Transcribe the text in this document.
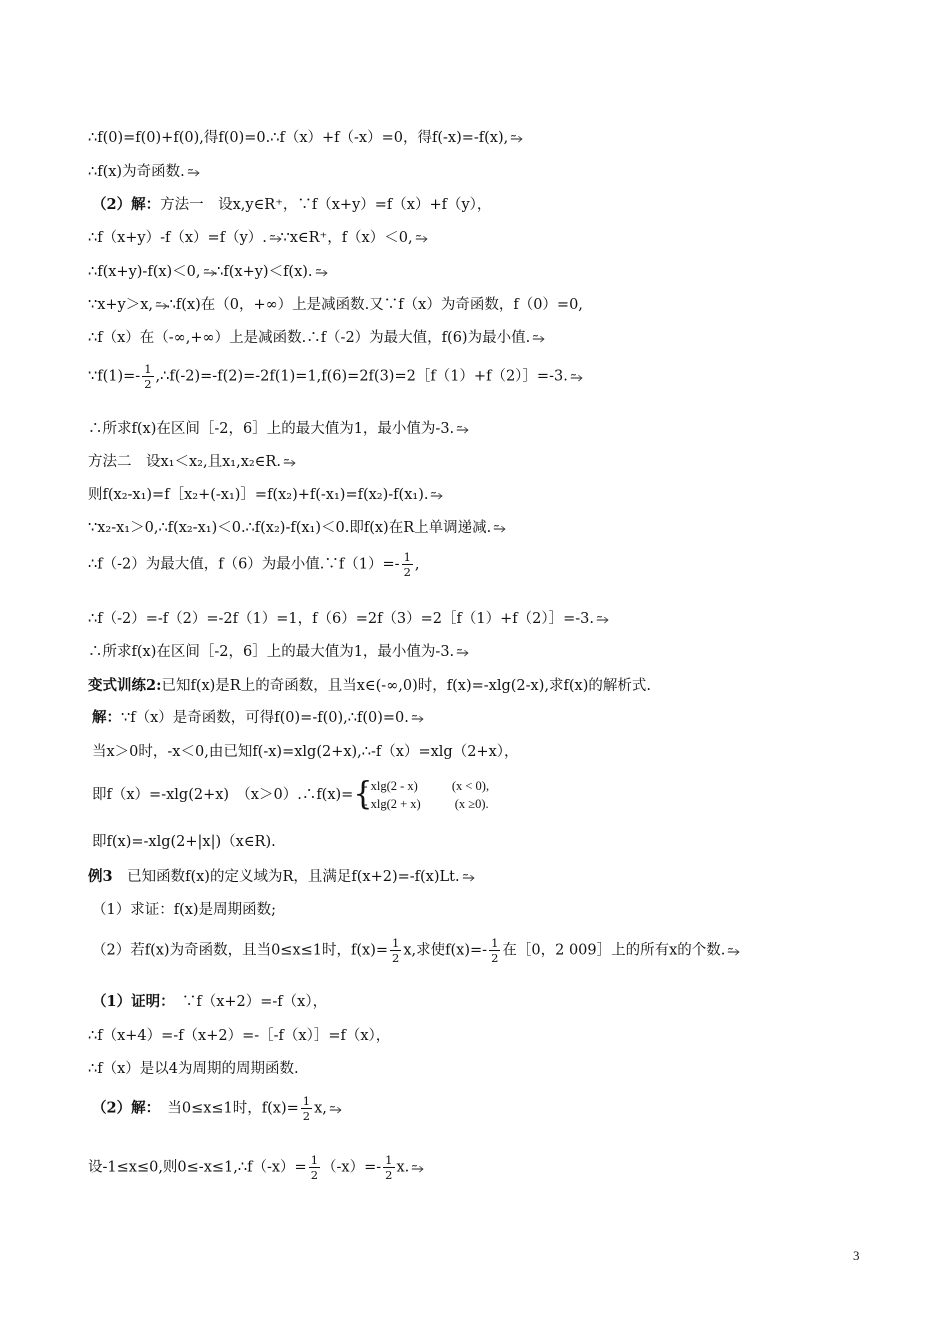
∴f(0)=f(0)+f(0),得f(0)=0.∴f（x）+f（-x）=0，得f(-x)=-f(x), ⥲
∴f(x)为奇函数. ⥲
（2）解：方法一　设x,y∈R⁺，∵f（x+y）=f（x）+f（y），
∴f（x+y）-f（x）=f（y）. ⥲∵x∈R⁺，f（x）＜0, ⥲
∴f(x+y)-f(x)＜0, ⥲∴f(x+y)＜f(x). ⥲
∵x+y＞x, ⥲∴f(x)在（0，+∞）上是减函数.又∵f（x）为奇函数，f（0）=0,
∴f（x）在（-∞,+∞）上是减函数.∴f（-2）为最大值，f(6)为最小值. ⥲
∵f(1)=- $\frac{1}{2}$ ,∴f(-2)=-f(2)=-2f(1)=1,f(6)=2f(3)=2［f（1）+f（2）］=-3. ⥲
∴所求f(x)在区间［-2，6］上的最大值为1，最小值为-3. ⥲
方法二　设x₁＜x₂,且x₁,x₂∈R. ⥲
则f(x₂-x₁)=f［x₂+(-x₁)］=f(x₂)+f(-x₁)=f(x₂)-f(x₁). ⥲
∵x₂-x₁＞0,∴f(x₂-x₁)＜0.∴f(x₂)-f(x₁)＜0.即f(x)在R上单调递减. ⥲
∴f（-2）为最大值，f（6）为最小值.∵f（1）=- $\frac{1}{2}$ ,
∴f（-2）=-f（2）=-2f（1）=1，f（6）=2f（3）=2［f（1）+f（2）］=-3. ⥲
∴所求f(x)在区间［-2，6］上的最大值为1，最小值为-3. ⥲
变式训练2:已知f(x)是R上的奇函数，且当x∈(-∞,0)时，f(x)=-xlg(2-x),求f(x)的解析式.
解：∵f（x）是奇函数，可得f(0)=-f(0),∴f(0)=0. ⥲
当x＞0时，-x＜0,由已知f(-x)=xlg(2+x),∴-f（x）=xlg（2+x），
即f（x）=-xlg(2+x)　（x＞0）.∴f(x)= {
- xlg(2 - x)	(x < 0),
- xlg(2 + x)	(x ≥0).
即f(x)=-xlg(2+|x|)（x∈R).
例3　 已知函数f(x)的定义域为R，且满足f(x+2)=-f(x)Lt. ⥲
（1）求证：f(x)是周期函数;
（2）若f(x)为奇函数，且当0≤x≤1时，$f(x)= \frac{1}{2} x$,求使$f(x)=- \frac{1}{2}$ 在［0，2 009］上的所有x的个数. ⥲
（1）证明：　 ∵f（x+2）=-f（x），
∴f（x+4）=-f（x+2）=-［-f（x）］=f（x），
∴f（x）是以4为周期的周期函数.
（2）解：　 当0≤x≤1时，$f(x)= \frac{1}{2} x$, ⥲
设-1≤x≤0,则0≤-x≤1,∴f（-x）= $\frac{1}{2} (-x)=- \frac{1}{2} x$. ⥲
3
